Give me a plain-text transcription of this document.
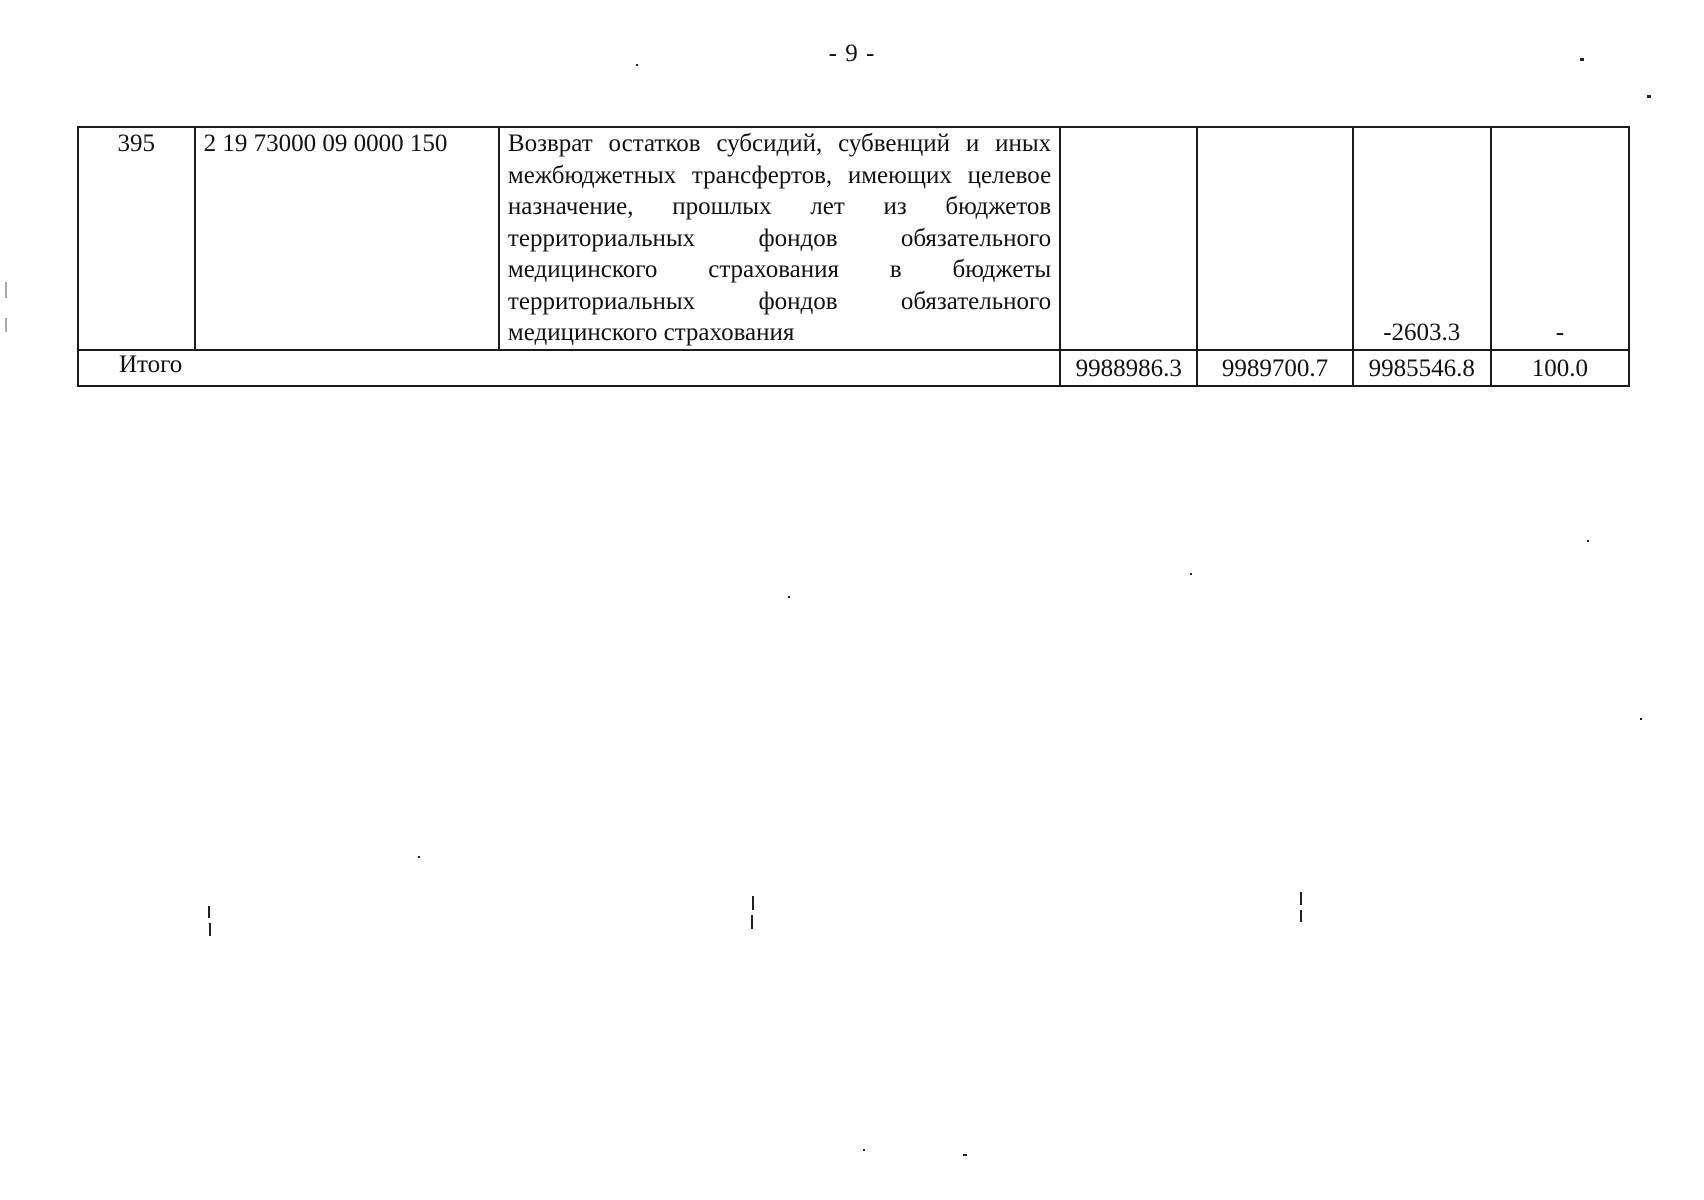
- 9 -
395	2 19 73000 09 0000 150	Возврат остатков субсидий, субвенций и иных межбюджетных трансфертов, имеющих целевое назначение, прошлых лет из бюджетов территориальных фондов обязательного медицинского страхования в бюджеты территориальных фондов обязательного медицинского страхования			-2603.3	-
Итого			9988986.3	9989700.7	9985546.8	100.0
